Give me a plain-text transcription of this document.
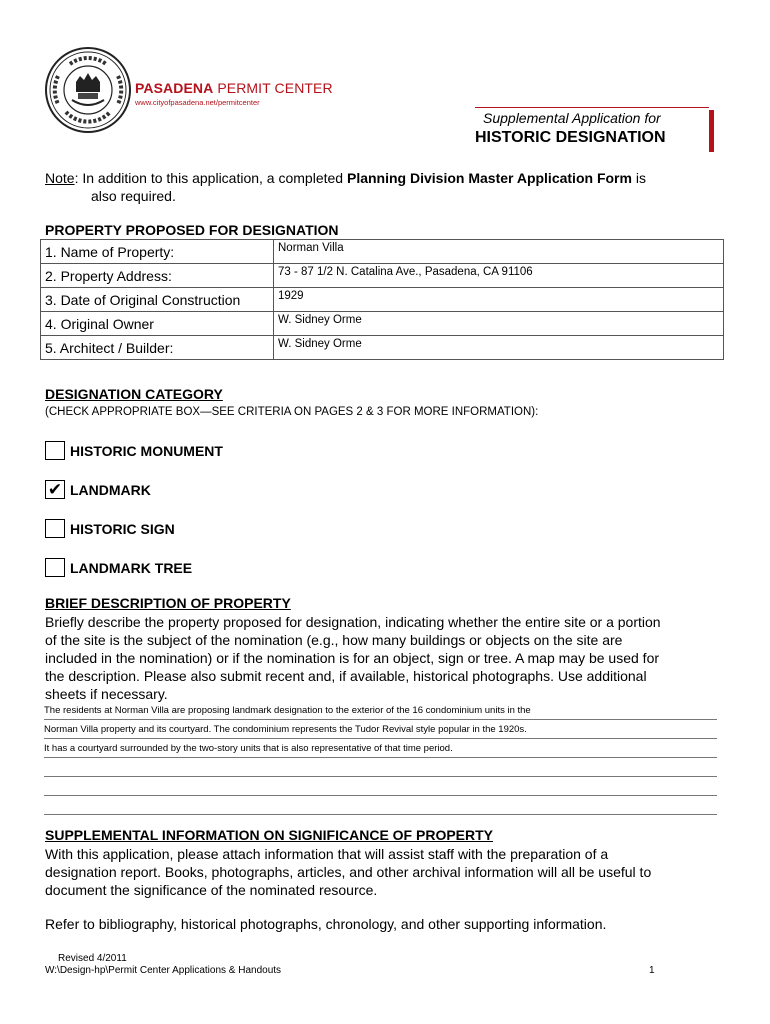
PASADENA PERMIT CENTER
www.cityofpasadena.net/permitcenter
Supplemental Application for
HISTORIC DESIGNATION
Note: In addition to this application, a completed Planning Division Master Application Form is
also required.
PROPERTY PROPOSED FOR DESIGNATION
1. Name of Property:	Norman Villa
2. Property Address:	73 - 87 1/2 N. Catalina Ave., Pasadena, CA 91106
3. Date of Original Construction	1929
4. Original Owner	W. Sidney Orme
5. Architect / Builder:	W. Sidney Orme
DESIGNATION CATEGORY
(CHECK APPROPRIATE BOX—SEE CRITERIA ON PAGES 2 & 3 FOR MORE INFORMATION):
HISTORIC MONUMENT
✔ LANDMARK
HISTORIC SIGN
LANDMARK TREE
BRIEF DESCRIPTION OF PROPERTY
Briefly describe the property proposed for designation, indicating whether the entire site or a portion
of the site is the subject of the nomination (e.g., how many buildings or objects on the site are
included in the nomination) or if the nomination is for an object, sign or tree. A map may be used for
the description. Please also submit recent and, if available, historical photographs. Use additional
sheets if necessary.
The residents at Norman Villa are proposing landmark designation to the exterior of the 16 condominium units in the
Norman Villa property and its courtyard. The condominium represents the Tudor Revival style popular in the 1920s.
It has a courtyard surrounded by the two-story units that is also representative of that time period.
SUPPLEMENTAL INFORMATION ON SIGNIFICANCE OF PROPERTY
With this application, please attach information that will assist staff with the preparation of a
designation report. Books, photographs, articles, and other archival information will all be useful to
document the significance of the nominated resource.
Refer to bibliography, historical photographs, chronology, and other supporting information.
Revised 4/2011
W:\Design-hp\Permit Center Applications & Handouts	1
